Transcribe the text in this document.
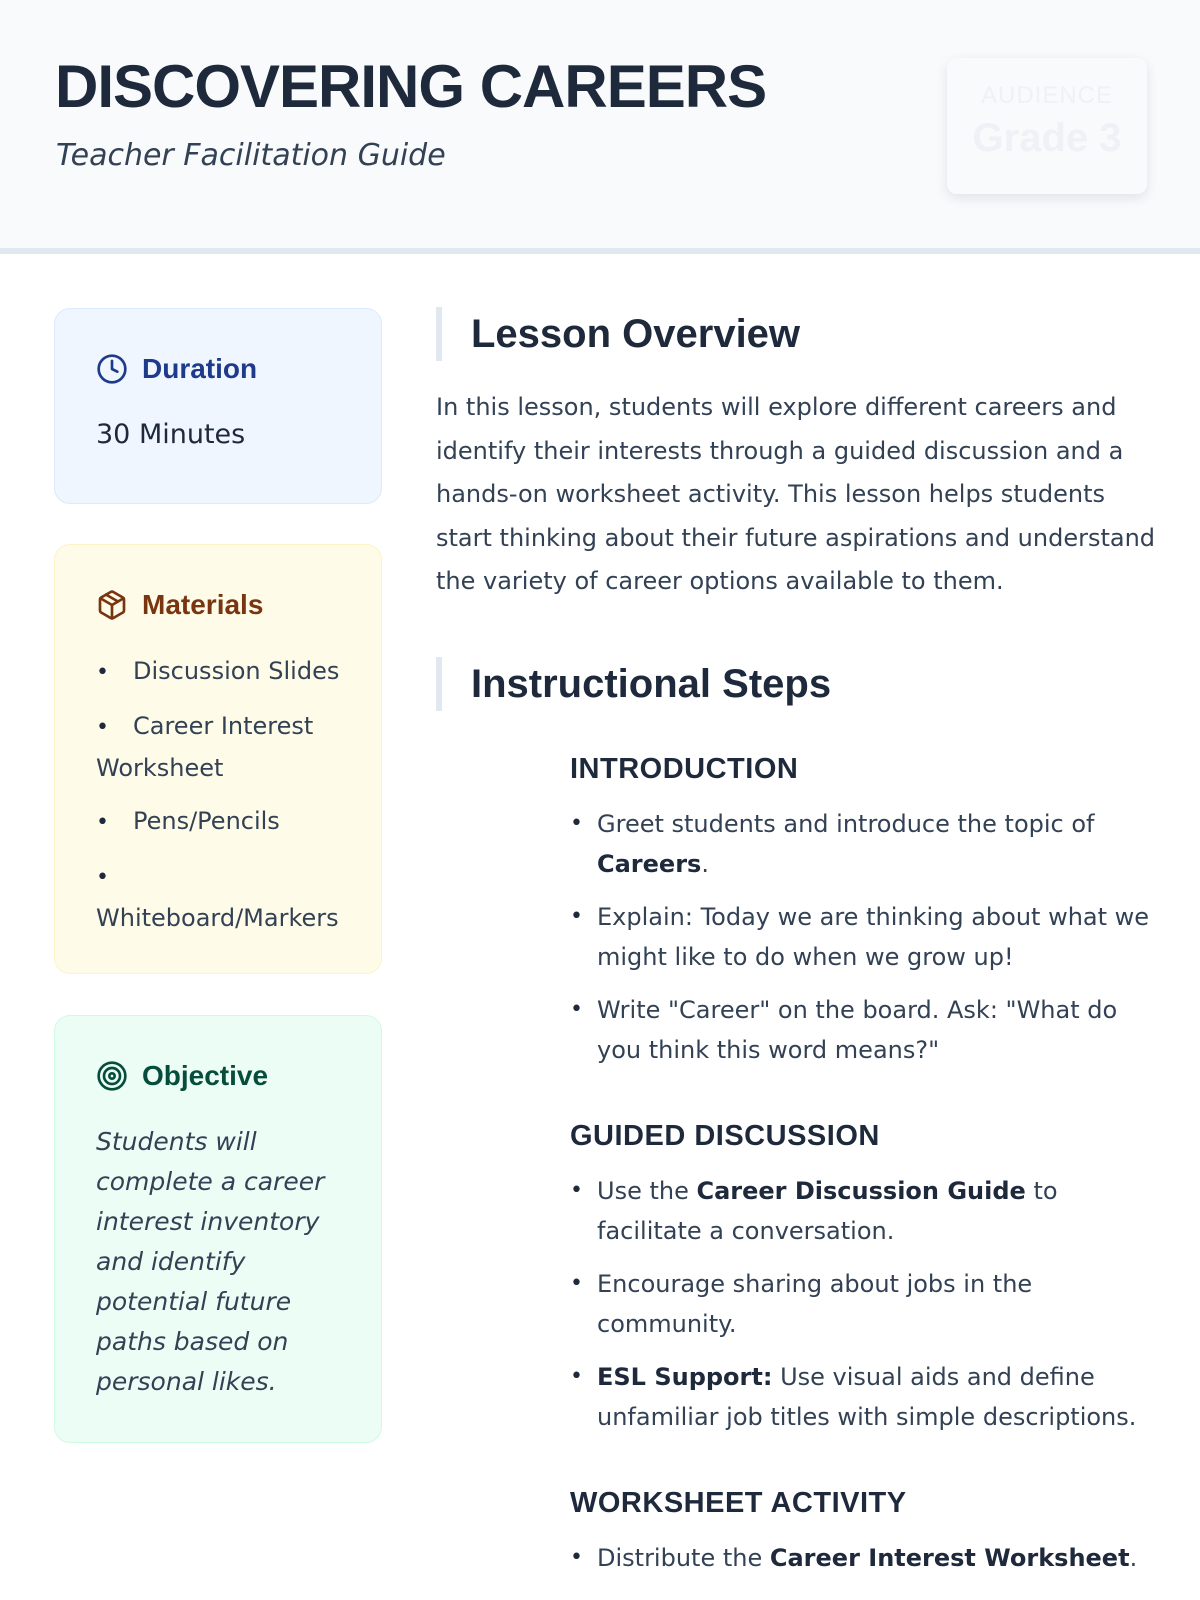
DISCOVERING CAREERS
Teacher Facilitation Guide
AUDIENCE
Grade 3
Duration
30 Minutes
Materials
• Discussion Slides
• Career Interest Worksheet
• Pens/Pencils
• Whiteboard/Markers
Objective

Students will complete a career interest inventory and identify potential future paths based on personal likes.

Lesson Overview

In this lesson, students will explore different careers and identify their interests through a guided discussion and a hands-on worksheet activity. This lesson helps students start thinking about their future aspirations and understand the variety of career options available to them.

Instructional Steps
INTRODUCTION
• Greet students and introduce the topic of Careers.
• Explain: Today we are thinking about what we might like to do when we grow up!
• Write "Career" on the board. Ask: "What do you think this word means?"
GUIDED DISCUSSION
• Use the Career Discussion Guide to facilitate a conversation.
• Encourage sharing about jobs in the community.
• ESL Support: Use visual aids and define unfamiliar job titles with simple descriptions.
WORKSHEET ACTIVITY
• Distribute the Career Interest Worksheet.
